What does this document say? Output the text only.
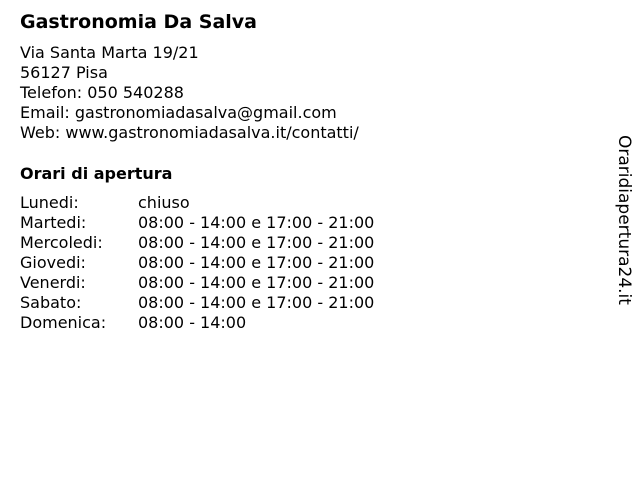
Gastronomia Da Salva
Via Santa Marta 19/21
56127 Pisa
Telefon: 050 540288
Email: gastronomiadasalva@gmail.com
Web: www.gastronomiadasalva.it/contatti/
Orari di apertura
Lunedi:	chiuso
Martedi:	08:00 - 14:00 e 17:00 - 21:00
Mercoledi: 08:00 - 14:00 e 17:00 - 21:00
Giovedi:	08:00 - 14:00 e 17:00 - 21:00
Venerdi:	08:00 - 14:00 e 17:00 - 21:00
Sabato:	08:00 - 14:00 e 17:00 - 21:00
Domenica: 08:00 - 14:00
Oraridiapertura24.it
